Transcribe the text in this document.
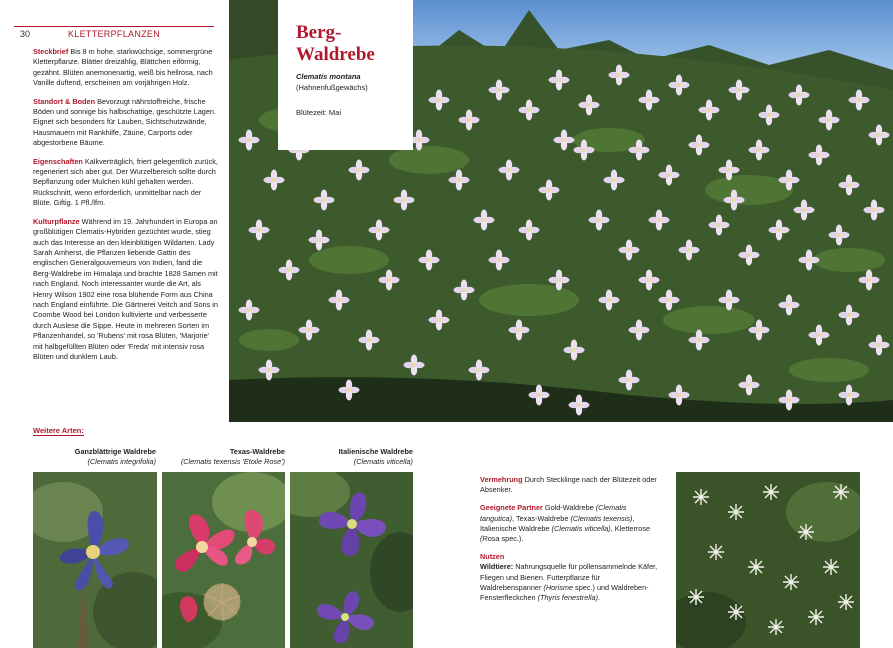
30	KLETTERPFLANZEN

Steckbrief Bis 8 m hohe, starkwüchsige, sommergrüne Kletterpflanze. Blätter dreizählig, Blättchen eiförmig, gezähnt. Blüten anemonenartig, weiß bis hellrosa, nach Vanille duftend, erscheinen am vorjährigen Holz.

Standort & Boden Bevorzugt nährstoffreiche, frische Böden und sonnige bis halbschattige, geschützte Lagen. Eignet sich besonders für Lauben, Sichtschutzwände, Hausmauern mit Rankhilfe, Zäune, Carports oder abgestorbene Bäume.

Eigenschaften Kalkverträglich, friert gelegentlich zurück, regeneriert sich aber gut. Der Wurzelbereich sollte durch Bepflanzung oder Mulchen kühl gehalten werden. Rückschnitt, wenn erforderlich, unmittelbar nach der Blüte. Giftig. 1 Pfl./lfm.

Kulturpflanze Während im 19. Jahrhundert in Europa an großblütigen Clematis-Hybriden gezüchtet wurde, stieg auch das Interesse an den kleinblütigen Wildarten. Lady Sarah Amherst, die Pflanzen liebende Gattin des englischen Generalgouverneurs von Indien, fand die Berg-Waldrebe im Himalaja und brachte 1828 Samen mit nach England. Noch interessanter wurde die Art, als Henry Wilson 1902 eine rosa blühende Form aus China nach England einführte. Die Gärtnerei Veitch and Sons in Coombe Wood bei London kultivierte und verbesserte durch Auslese die Sippe. Heute in mehreren Sorten im Pflanzenhandel, so 'Rubens' mit rosa Blüten, 'Marjorie' mit halbgefüllten Blüten oder 'Freda' mit intensiv rosa Blüten und dunklem Laub.

Berg-
Waldrebe
Clematis montana
(Hahnenfußgewächs)
Blütezeit: Mai
Weitere Arten:
Ganzblättrige Waldrebe
(Clematis integrifolia)
Texas-Waldrebe
(Clematis texensis 'Etoile Rose')
Italienische Waldrebe
(Clematis viticella)

Vermehrung Durch Stecklinge nach der Blütezeit oder Absenker.

Geeignete Partner Gold-Waldrebe (Clematis tangutica), Texas-Waldrebe (Clematis texensis), Italienische Waldrebe (Clematis viticella), Kletterrose (Rosa spec.).

Nutzen
Wildtiere: Nahrungsquelle für pollensammelnde Käfer, Fliegen und Bienen. Futterpflanze für Waldrebenspanner (Horisme spec.) und Waldreben-Fensterfleckchen (Thyris fenestrella).
